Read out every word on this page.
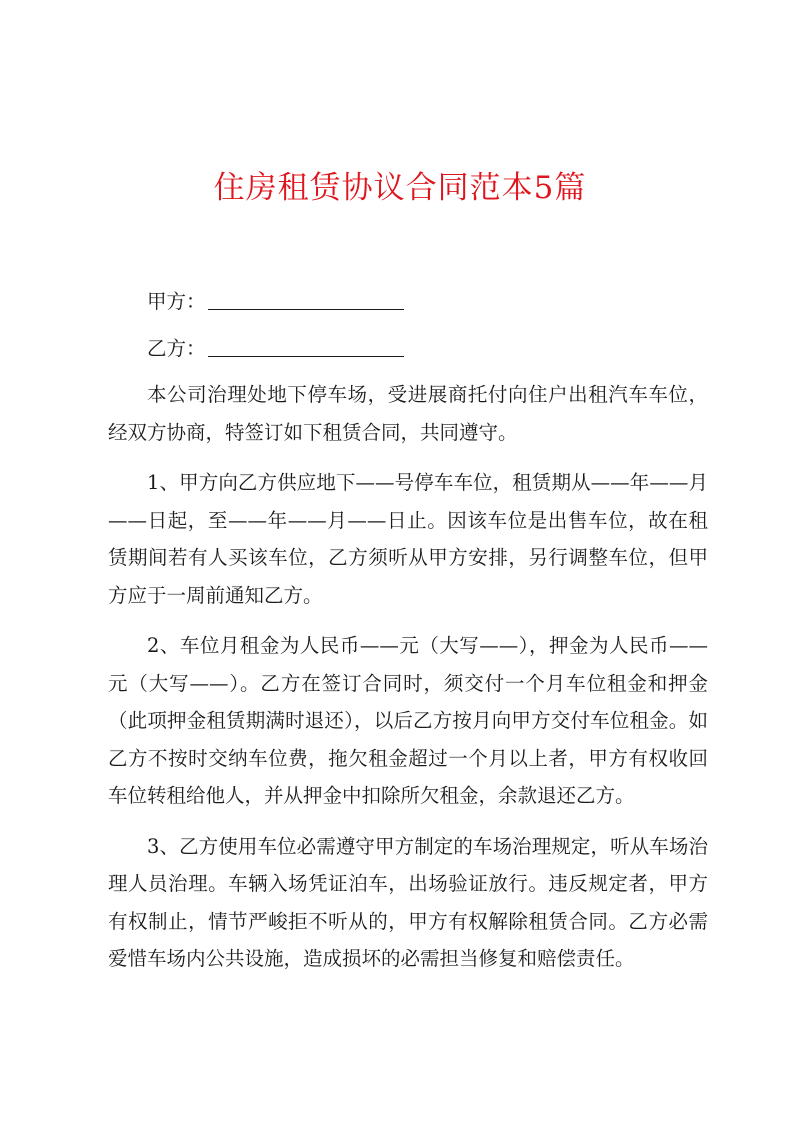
住房租赁协议合同范本5篇

甲方：

乙方：

本公司治理处地下停车场，受进展商托付向住户出租汽车车位，经双方协商，特签订如下租赁合同，共同遵守。

1、甲方向乙方供应地下——号停车车位，租赁期从——年——月——日起，至——年——月——日止。因该车位是出售车位，故在租赁期间若有人买该车位，乙方须听从甲方安排，另行调整车位，但甲方应于一周前通知乙方。

2、车位月租金为人民币——元（大写——），押金为人民币——元（大写——）。乙方在签订合同时，须交付一个月车位租金和押金（此项押金租赁期满时退还），以后乙方按月向甲方交付车位租金。如乙方不按时交纳车位费，拖欠租金超过一个月以上者，甲方有权收回车位转租给他人，并从押金中扣除所欠租金，余款退还乙方。

3、乙方使用车位必需遵守甲方制定的车场治理规定，听从车场治理人员治理。车辆入场凭证泊车，出场验证放行。违反规定者，甲方有权制止，情节严峻拒不听从的，甲方有权解除租赁合同。乙方必需爱惜车场内公共设施，造成损坏的必需担当修复和赔偿责任。
